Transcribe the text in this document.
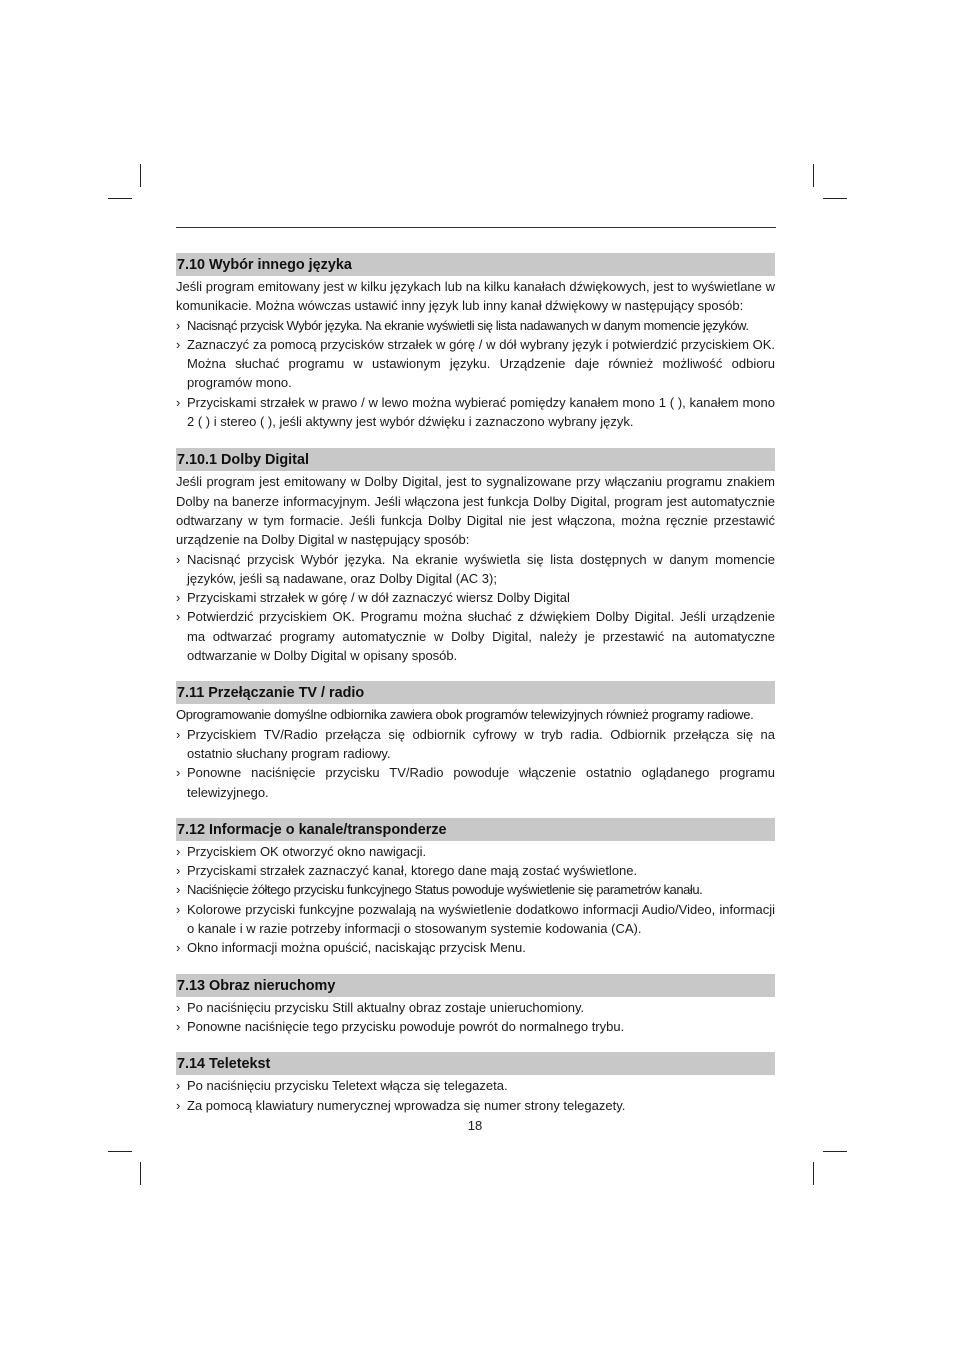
7.10 Wybór innego języka

Jeśli program emitowany jest w kilku językach lub na kilku kanałach dźwiękowych, jest to wyświetlane w komunikacie. Można wówczas ustawić inny język lub inny kanał dźwiękowy w następujący sposób:

› Nacisnąć przycisk Wybór języka. Na ekranie wyświetli się lista nadawanych w danym momencie języków.
› Zaznaczyć za pomocą przycisków strzałek w górę / w dół wybrany język i potwierdzić przyciskiem OK. Można słuchać programu w ustawionym języku. Urządzenie daje również możliwość odbioru programów mono.
› Przyciskami strzałek w prawo / w lewo można wybierać pomiędzy kanałem mono 1 ( ), kanałem mono 2 ( ) i stereo ( ), jeśli aktywny jest wybór dźwięku i zaznaczono wybrany język.
7.10.1 Dolby Digital

Jeśli program jest emitowany w Dolby Digital, jest to sygnalizowane przy włączaniu programu znakiem Dolby na banerze informacyjnym. Jeśli włączona jest funkcja Dolby Digital, program jest automatycznie odtwarzany w tym formacie. Jeśli funkcja Dolby Digital nie jest włączona, można ręcznie przestawić urządzenie na Dolby Digital w następujący sposób:

› Nacisnąć przycisk Wybór języka. Na ekranie wyświetla się lista dostępnych w danym momencie języków, jeśli są nadawane, oraz Dolby Digital (AC 3);
› Przyciskami strzałek w górę / w dół zaznaczyć wiersz Dolby Digital
› Potwierdzić przyciskiem OK. Programu można słuchać z dźwiękiem Dolby Digital. Jeśli urządzenie ma odtwarzać programy automatycznie w Dolby Digital, należy je przestawić na automatyczne odtwarzanie w Dolby Digital w opisany sposób.
7.11 Przełączanie TV / radio

Oprogramowanie domyślne odbiornika zawiera obok programów telewizyjnych również programy radiowe.

› Przyciskiem TV/Radio przełącza się odbiornik cyfrowy w tryb radia. Odbiornik przełącza się na ostatnio słuchany program radiowy.
› Ponowne naciśnięcie przycisku TV/Radio powoduje włączenie ostatnio oglądanego programu telewizyjnego.
7.12 Informacje o kanale/transponderze
› Przyciskiem OK otworzyć okno nawigacji.
› Przyciskami strzałek zaznaczyć kanał, ktorego dane mają zostać wyświetlone.
› Naciśnięcie żółtego przycisku funkcyjnego Status powoduje wyświetlenie się parametrów kanału.
› Kolorowe przyciski funkcyjne pozwalają na wyświetlenie dodatkowo informacji Audio/Video, informacji o kanale i w razie potrzeby informacji o stosowanym systemie kodowania (CA).
› Okno informacji można opuścić, naciskając przycisk Menu.
7.13 Obraz nieruchomy
› Po naciśnięciu przycisku Still aktualny obraz zostaje unieruchomiony.
› Ponowne naciśnięcie tego przycisku powoduje powrót do normalnego trybu.
7.14 Teletekst
› Po naciśnięciu przycisku Teletext włącza się telegazeta.
› Za pomocą klawiatury numerycznej wprowadza się numer strony telegazety.
18
